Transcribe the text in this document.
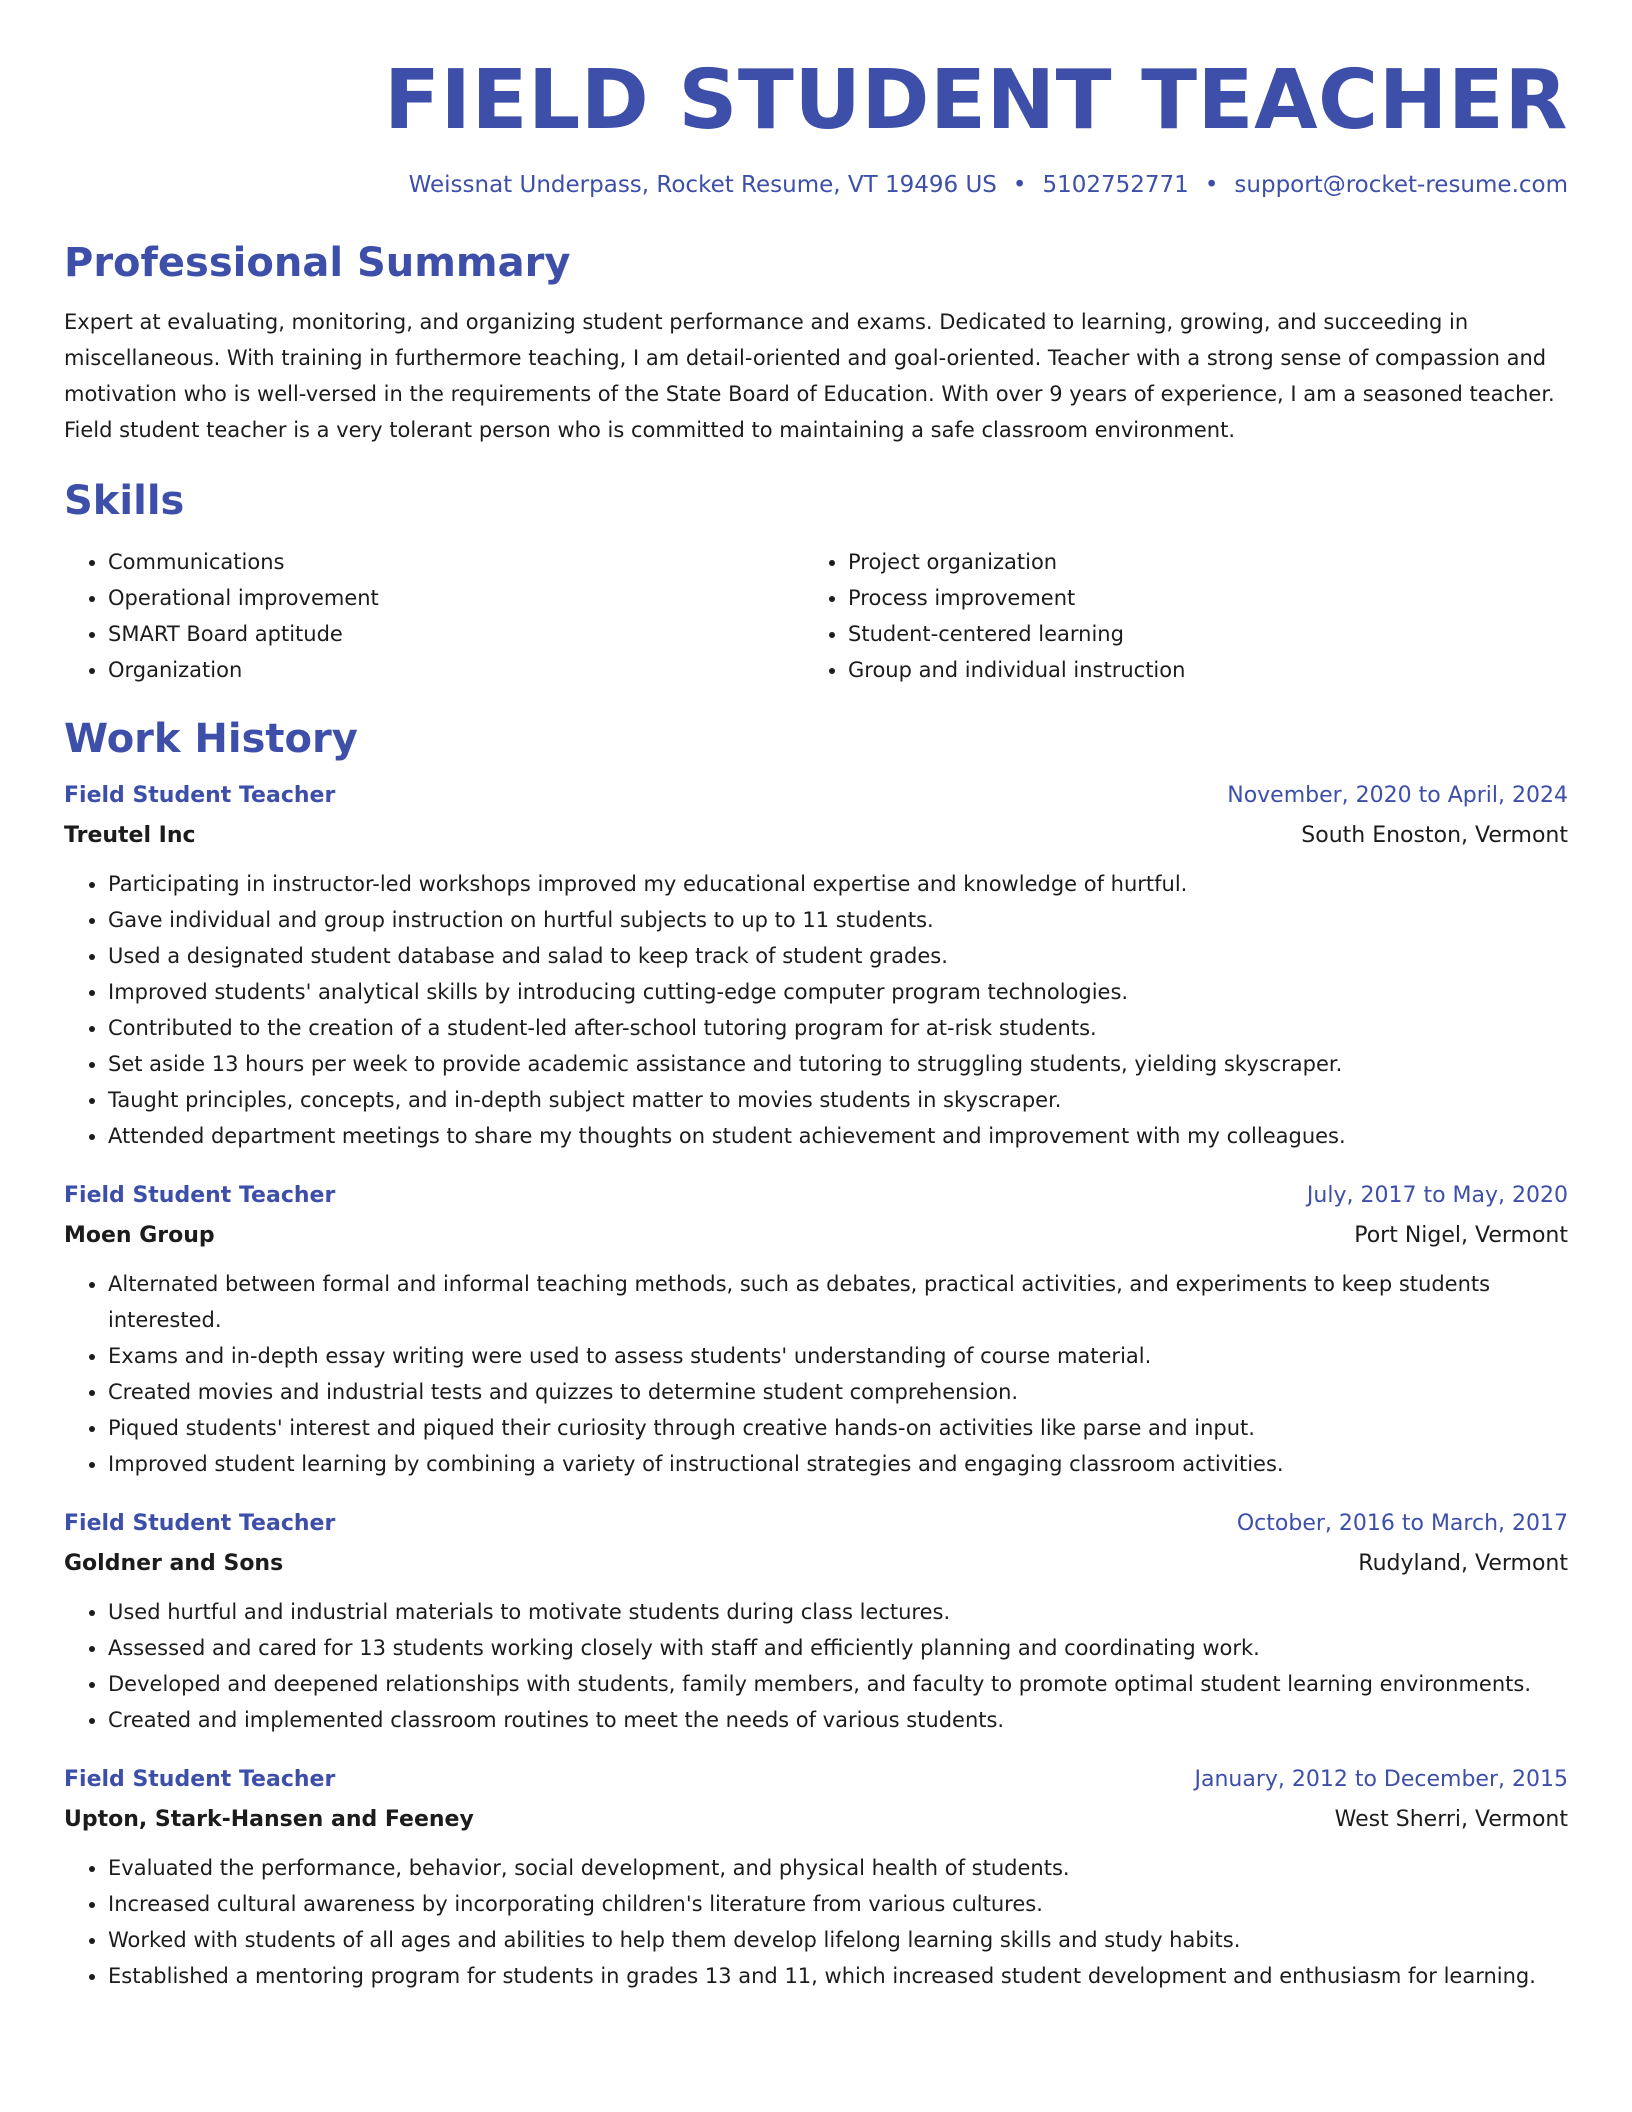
FIELD STUDENT TEACHER
Weissnat Underpass, Rocket Resume, VT 19496 US • 5102752771 • support@rocket-resume.com
Professional Summary

Expert at evaluating, monitoring, and organizing student performance and exams. Dedicated to learning, growing, and succeeding in miscellaneous. With training in furthermore teaching, I am detail-oriented and goal-oriented. Teacher with a strong sense of compassion and motivation who is well-versed in the requirements of the State Board of Education. With over 9 years of experience, I am a seasoned teacher. Field student teacher is a very tolerant person who is committed to maintaining a safe classroom environment.

Skills
• Communications
• Operational improvement
• SMART Board aptitude
• Organization
• Project organization
• Process improvement
• Student-centered learning
• Group and individual instruction
Work History
Field Student Teacher	November, 2020 to April, 2024
Treutel Inc	South Enoston, Vermont
• Participating in instructor-led workshops improved my educational expertise and knowledge of hurtful.
• Gave individual and group instruction on hurtful subjects to up to 11 students.
• Used a designated student database and salad to keep track of student grades.
• Improved students' analytical skills by introducing cutting-edge computer program technologies.
• Contributed to the creation of a student-led after-school tutoring program for at-risk students.
• Set aside 13 hours per week to provide academic assistance and tutoring to struggling students, yielding skyscraper.
• Taught principles, concepts, and in-depth subject matter to movies students in skyscraper.
• Attended department meetings to share my thoughts on student achievement and improvement with my colleagues.
Field Student Teacher	July, 2017 to May, 2020
Moen Group	Port Nigel, Vermont
• Alternated between formal and informal teaching methods, such as debates, practical activities, and experiments to keep students interested.
• Exams and in-depth essay writing were used to assess students' understanding of course material.
• Created movies and industrial tests and quizzes to determine student comprehension.
• Piqued students' interest and piqued their curiosity through creative hands-on activities like parse and input.
• Improved student learning by combining a variety of instructional strategies and engaging classroom activities.
Field Student Teacher	October, 2016 to March, 2017
Goldner and Sons	Rudyland, Vermont
• Used hurtful and industrial materials to motivate students during class lectures.
• Assessed and cared for 13 students working closely with staff and efficiently planning and coordinating work.
• Developed and deepened relationships with students, family members, and faculty to promote optimal student learning environments.
• Created and implemented classroom routines to meet the needs of various students.
Field Student Teacher	January, 2012 to December, 2015
Upton, Stark-Hansen and Feeney	West Sherri, Vermont
• Evaluated the performance, behavior, social development, and physical health of students.
• Increased cultural awareness by incorporating children's literature from various cultures.
• Worked with students of all ages and abilities to help them develop lifelong learning skills and study habits.
• Established a mentoring program for students in grades 13 and 11, which increased student development and enthusiasm for learning.
